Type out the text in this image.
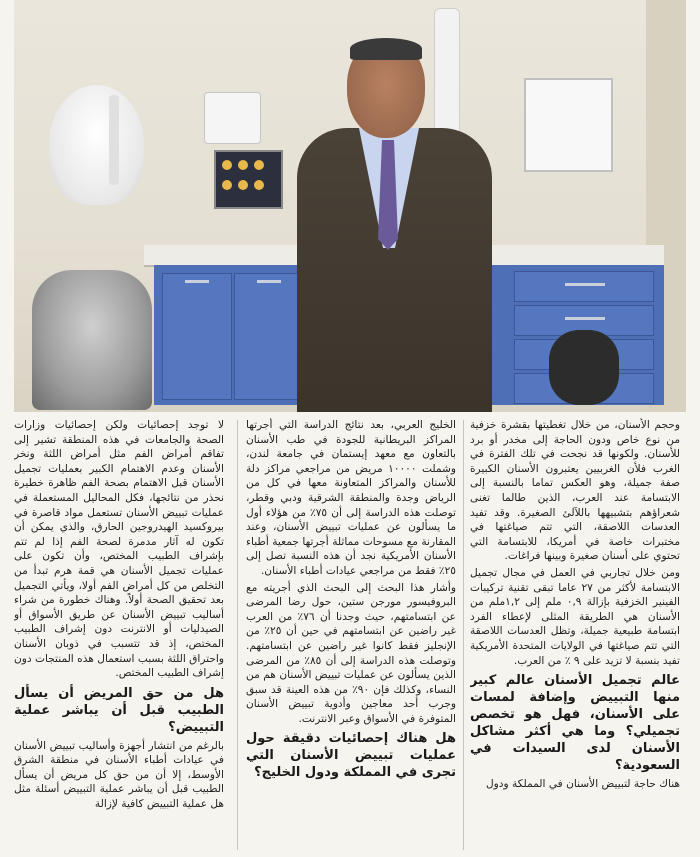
وحجم الأسنان، من خلال تغطيتها بقشرة خزفية من نوع خاص ودون الحاجة إلى مخدر أو برد للأسنان. ولكونها قد نجحت في تلك الفترة في الغرب فلأن الغربيين يعتبرون الأسنان الكبيرة صفة جميلة، وهو العكس تماما بالنسبة إلى الابتسامة عند العرب، الذين طالما تغنى شعراؤهم بتشبيهها باللآلئ الصغيرة. وقد تفيد العدسات اللاصقة، التي تتم صياغتها في مختبرات خاصة في أمريكا، للابتسامة التي تحتوي على أسنان صغيرة وبينها فراغات.

ومن خلال تجاربي في العمل في مجال تجميل الابتسامة لأكثر من ٢٧ عاما تبقى تقنية تركيبات الفينير الخزفية بإزالة ٠,٩ ملم إلى ١,٢ملم من الأسنان هي الطريقة المثلى لإعطاء الفرد ابتسامة طبيعية جميلة، وتظل العدسات اللاصقة التي تتم صياغتها في الولايات المتحدة الأمريكية تفيد بنسبة لا تزيد على ٩ ٪ من العرب.

عالم تجميل الأسنان عالم كبير منها التبييض وإضافة لمسات على الأسنان، فهل هو تخصص تجميلي؟ وما هي أكثر مشاكل الأسنان لدى السيدات في السعودية؟

هناك حاجة لتبييض الأسنان في المملكة ودول

الخليج العربي، بعد نتائج الدراسة التي أجرتها المراكز البريطانية للجودة في طب الأسنان بالتعاون مع معهد إيستمان في جامعة لندن، وشملت ١٠٠٠٠ مريض من مراجعي مراكز دلة للأسنان والمراكز المتعاونة معها في كل من الرياض وجدة والمنطقة الشرقية ودبي وقطر، توصلت هذه الدراسة إلى أن ٧٥٪ من هؤلاء أول ما يسألون عن عمليات تبييض الأسنان، وعند المقارنة مع مسوحات مماثلة أجرتها جمعية أطباء الأسنان الأمريكية نجد أن هذه النسبة تصل إلى ٢٥٪ فقط من مراجعي عيادات أطباء الأسنان.

وأشار هذا البحث إلى البحث الذي أجريته مع البروفيسور مورجن ستين، حول رضا المرضى عن ابتسامتهم، حيث وجدنا أن ٧٦٪ من العرب غير راضين عن ابتسامتهم في حين أن ٢٥٪ من الإنجليز فقط كانوا غير راضين عن ابتسامتهم. وتوصلت هذه الدراسة إلى أن ٨٥٪ من المرضى الذين يسألون عن عمليات تبييض الأسنان هم من النساء، وكذلك فإن ٩٠٪ من هذه العينة قد سبق وجرب أحد معاجين وأدوية تبييض الأسنان المتوفرة في الأسواق وعبر الانترنت.

هل هناك إحصائيات دقيقة حول عمليات تبييض الأسنان التي تجرى في المملكة ودول الخليج؟

لا توجد إحصائيات ولكن إحصائيات وزارات الصحة والجامعات في هذه المنطقة تشير إلى تفاقم أمراض الفم مثل أمراض اللثة ونخر الأسنان وعدم الاهتمام الكبير بعمليات تجميل الأسنان قبل الاهتمام بصحة الفم ظاهرة خطيرة نحذر من نتائجها، فكل المحاليل المستعملة في عمليات تبييض الأسنان تستعمل مواد قاصرة في بيروكسيد الهيدروجين الحارق، والذي يمكن أن تكون له آثار مدمرة لصحة الفم إذا لم تتم بإشراف الطبيب المختص، وأن تكون على عمليات تجميل الأسنان هي قمة هرم تبدأ من التخلص من كل أمراض الفم أولا، ويأتي التجميل بعد تحقيق الصحة أولاً. وهناك خطورة من شراء أساليب تبييض الأسنان عن طريق الأسواق أو الصيدليات أو الانترنت دون إشراف الطبيب المختص، إذ قد تتسبب في ذوبان الأسنان واحتراق اللثة بسبب استعمال هذه المنتجات دون إشراف الطبيب المختص.

هل من حق المريض أن يسأل الطبيب قبل أن يباشر عملية التبييض؟

بالرغم من انتشار أجهزة وأساليب تبييض الأسنان في عيادات أطباء الأسنان في منطقة الشرق الأوسط، إلا أن من حق كل مريض أن يسأل الطبيب قبل أن يباشر عملية التبييض أسئلة مثل هل عملية التبييض كافية لإزالة
